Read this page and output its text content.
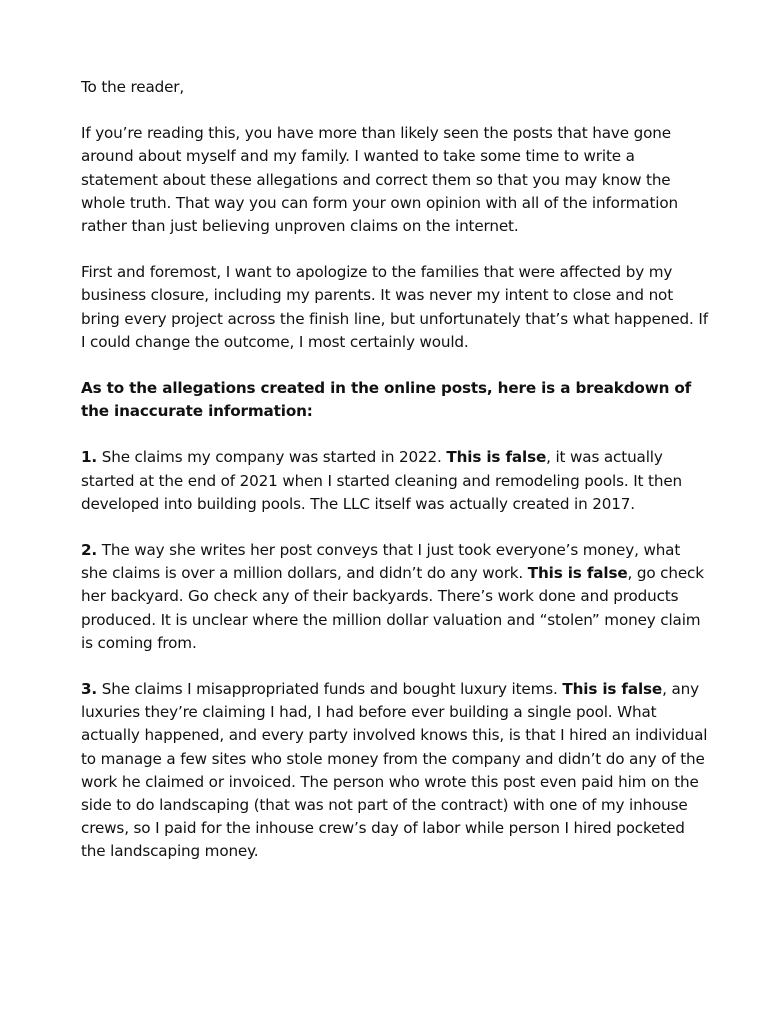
To the reader,

If you’re reading this, you have more than likely seen the posts that have gone around about myself and my family. I wanted to take some time to write a statement about these allegations and correct them so that you may know the whole truth. That way you can form your own opinion with all of the information rather than just believing unproven claims on the internet.

First and foremost, I want to apologize to the families that were affected by my business closure, including my parents. It was never my intent to close and not bring every project across the finish line, but unfortunately that’s what happened. If I could change the outcome, I most certainly would.

As to the allegations created in the online posts, here is a breakdown of the inaccurate information:

1. She claims my company was started in 2022. This is false, it was actually started at the end of 2021 when I started cleaning and remodeling pools. It then developed into building pools. The LLC itself was actually created in 2017.

2. The way she writes her post conveys that I just took everyone’s money, what she claims is over a million dollars, and didn’t do any work. This is false, go check her backyard. Go check any of their backyards. There’s work done and products produced. It is unclear where the million dollar valuation and “stolen” money claim is coming from.

3. She claims I misappropriated funds and bought luxury items. This is false, any luxuries they’re claiming I had, I had before ever building a single pool. What actually happened, and every party involved knows this, is that I hired an individual to manage a few sites who stole money from the company and didn’t do any of the work he claimed or invoiced. The person who wrote this post even paid him on the side to do landscaping (that was not part of the contract) with one of my inhouse crews, so I paid for the inhouse crew’s day of labor while person I hired pocketed the landscaping money.
